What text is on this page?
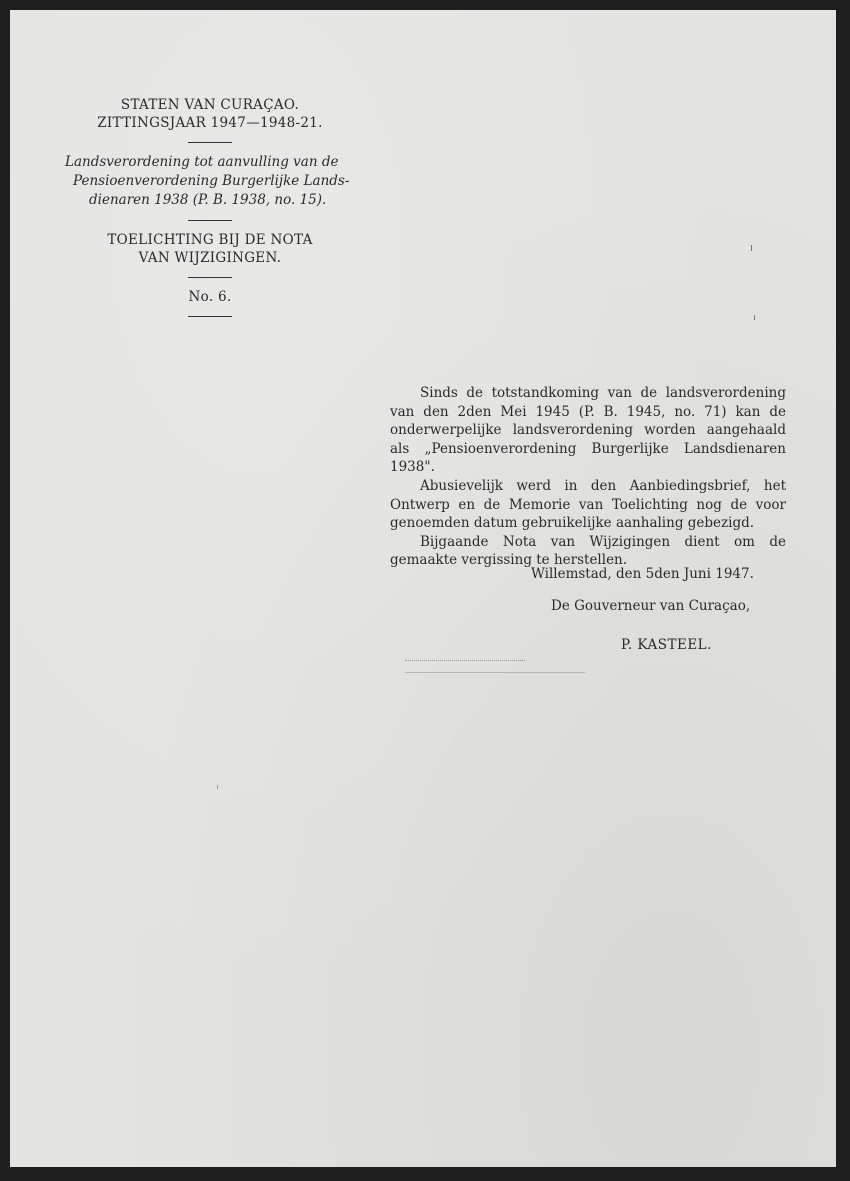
STATEN VAN CURAÇAO.
ZITTINGSJAAR 1947—1948-21.
Landsverordening tot aanvulling van de
Pensioenverordening Burgerlijke Lands-
dienaren 1938 (P. B. 1938, no. 15).
TOELICHTING BIJ DE NOTA
VAN WIJZIGINGEN.
No. 6.

Sinds de totstandkoming van de landsverordening van den 2den Mei 1945 (P. B. 1945, no. 71) kan de onderwerpelijke landsverordening worden aangehaald als „Pensioenverordening Burgerlijke Landsdienaren 1938".

Abusievelijk werd in den Aanbiedingsbrief, het Ontwerp en de Memorie van Toelichting nog de voor genoemden datum gebruikelijke aanhaling gebezigd.

Bijgaande Nota van Wijzigingen dient om de gemaakte vergissing te herstellen.

Willemstad, den 5den Juni 1947.
De Gouverneur van Curaçao,
P. KASTEEL.
